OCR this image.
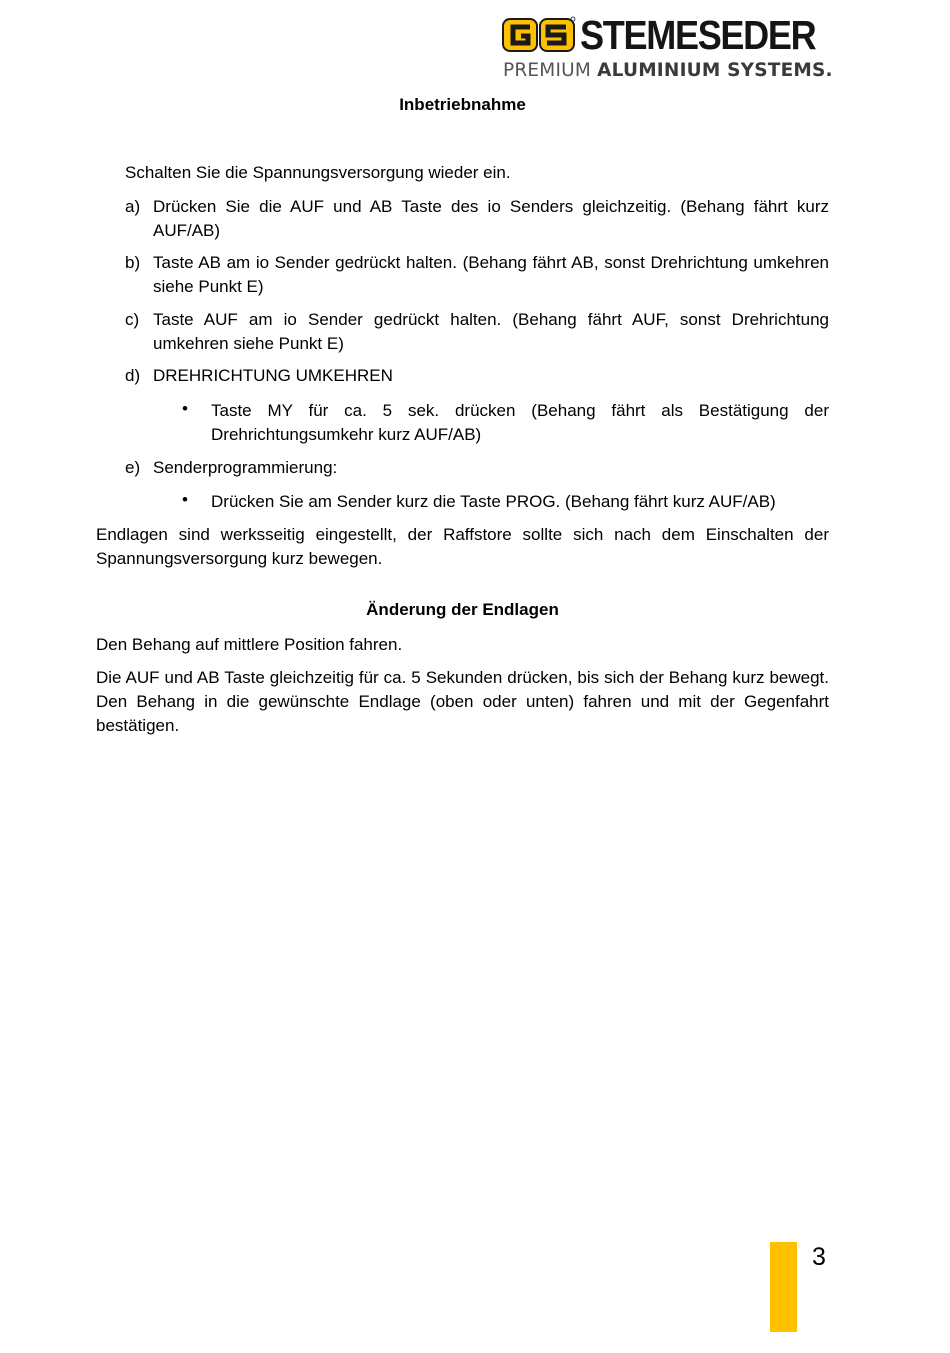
STEMESEDER
PREMIUM ALUMINIUM SYSTEMS.
Inbetriebnahme
Schalten Sie die Spannungsversorgung wieder ein.
a) Drücken Sie die AUF und AB Taste des io Senders gleichzeitig. (Behang fährt kurz AUF/AB)
b) Taste AB am io Sender gedrückt halten. (Behang fährt AB, sonst Drehrichtung umkehren siehe Punkt E)
c) Taste AUF am io Sender gedrückt halten. (Behang fährt AUF, sonst Drehrichtung umkehren siehe Punkt E)
d) DREHRICHTUNG UMKEHREN
• Taste MY für ca. 5 sek. drücken (Behang fährt als Bestätigung der Drehrichtungsumkehr kurz AUF/AB)
e) Senderprogrammierung:
• Drücken Sie am Sender kurz die Taste PROG. (Behang fährt kurz AUF/AB)
Endlagen sind werksseitig eingestellt, der Raffstore sollte sich nach dem Einschalten der Spannungsversorgung kurz bewegen.
Änderung der Endlagen
Den Behang auf mittlere Position fahren.
Die AUF und AB Taste gleichzeitig für ca. 5 Sekunden drücken, bis sich der Behang kurz bewegt. Den Behang in die gewünschte Endlage (oben oder unten) fahren und mit der Gegenfahrt bestätigen.
3
